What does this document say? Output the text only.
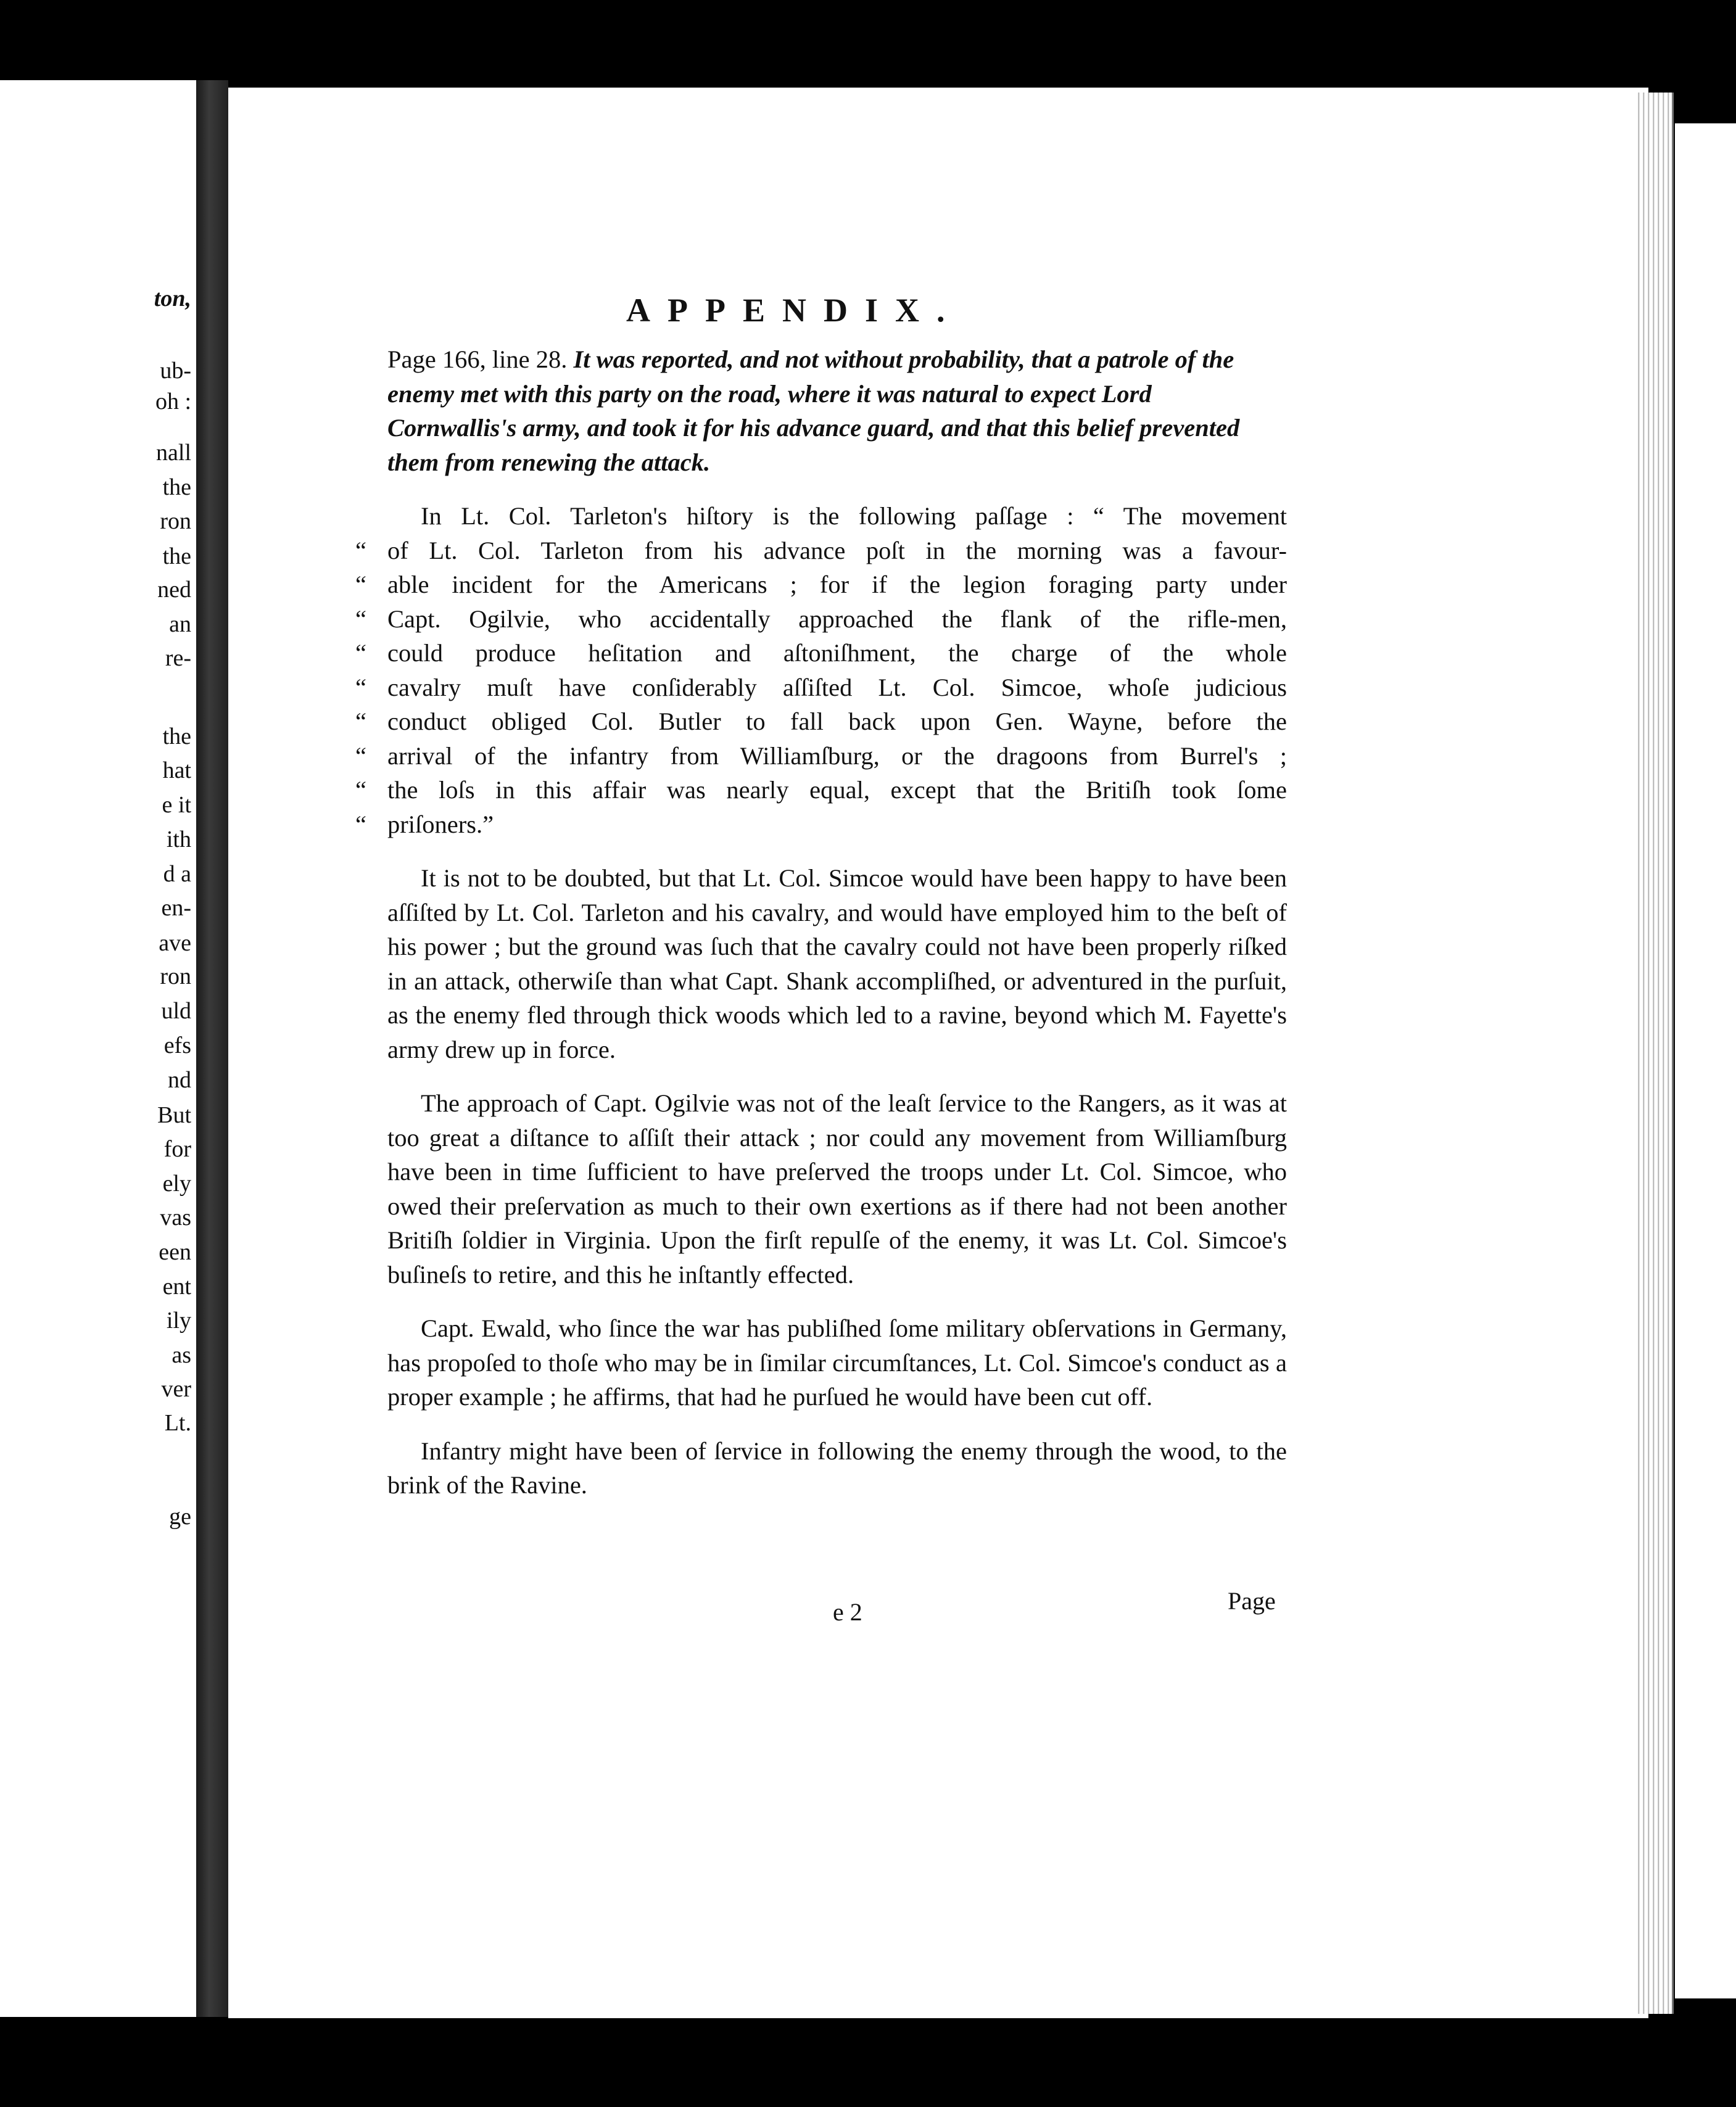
ton,
ub-
oh :
nall
the
ron
the
ned
an
re-
the
hat
e it
ith
d a
en-
ave
ron
uld
efs
nd
But
for
ely
vas
een
ent
ily
as
ver
Lt.
ge
APPENDIX.

Page 166, line 28. It was reported, and not without probability, that a patrole of the enemy met with this party on the road, where it was natural to expect Lord Cornwallis's army, and took it for his advance guard, and that this belief prevented them from renewing the attack.

In Lt. Col. Tarleton's hiſtory is the following paſſage : “ The movement
“ of Lt. Col. Tarleton from his advance poſt in the morning was a favour-
“ able incident for the Americans ; for if the legion foraging party under
“ Capt. Ogilvie, who accidentally approached the flank of the rifle-men,
“ could produce heſitation and aſtoniſhment, the charge of the whole
“ cavalry muſt have conſiderably aſſiſted Lt. Col. Simcoe, whoſe judicious
“ conduct obliged Col. Butler to fall back upon Gen. Wayne, before the
“ arrival of the infantry from Williamſburg, or the dragoons from Burrel's ;
“ the loſs in this affair was nearly equal, except that the Britiſh took ſome
“ priſoners.”

It is not to be doubted, but that Lt. Col. Simcoe would have been happy to have been aſſiſted by Lt. Col. Tarleton and his cavalry, and would have employed him to the beſt of his power ; but the ground was ſuch that the cavalry could not have been properly riſked in an attack, otherwiſe than what Capt. Shank accompliſhed, or adventured in the purſuit, as the enemy fled through thick woods which led to a ravine, beyond which M. Fayette's army drew up in force.

The approach of Capt. Ogilvie was not of the leaſt ſervice to the Rangers, as it was at too great a diſtance to aſſiſt their attack ; nor could any movement from Williamſburg have been in time ſufficient to have preſerved the troops under Lt. Col. Simcoe, who owed their preſervation as much to their own exertions as if there had not been another Britiſh ſoldier in Virginia. Upon the firſt repulſe of the enemy, it was Lt. Col. Simcoe's buſineſs to retire, and this he inſtantly effected.

Capt. Ewald, who ſince the war has publiſhed ſome military obſervations in Germany, has propoſed to thoſe who may be in ſimilar circumſtances, Lt. Col. Simcoe's conduct as a proper example ; he affirms, that had he purſued he would have been cut off.

Infantry might have been of ſervice in following the enemy through the wood, to the brink of the Ravine.

e 2	Page
